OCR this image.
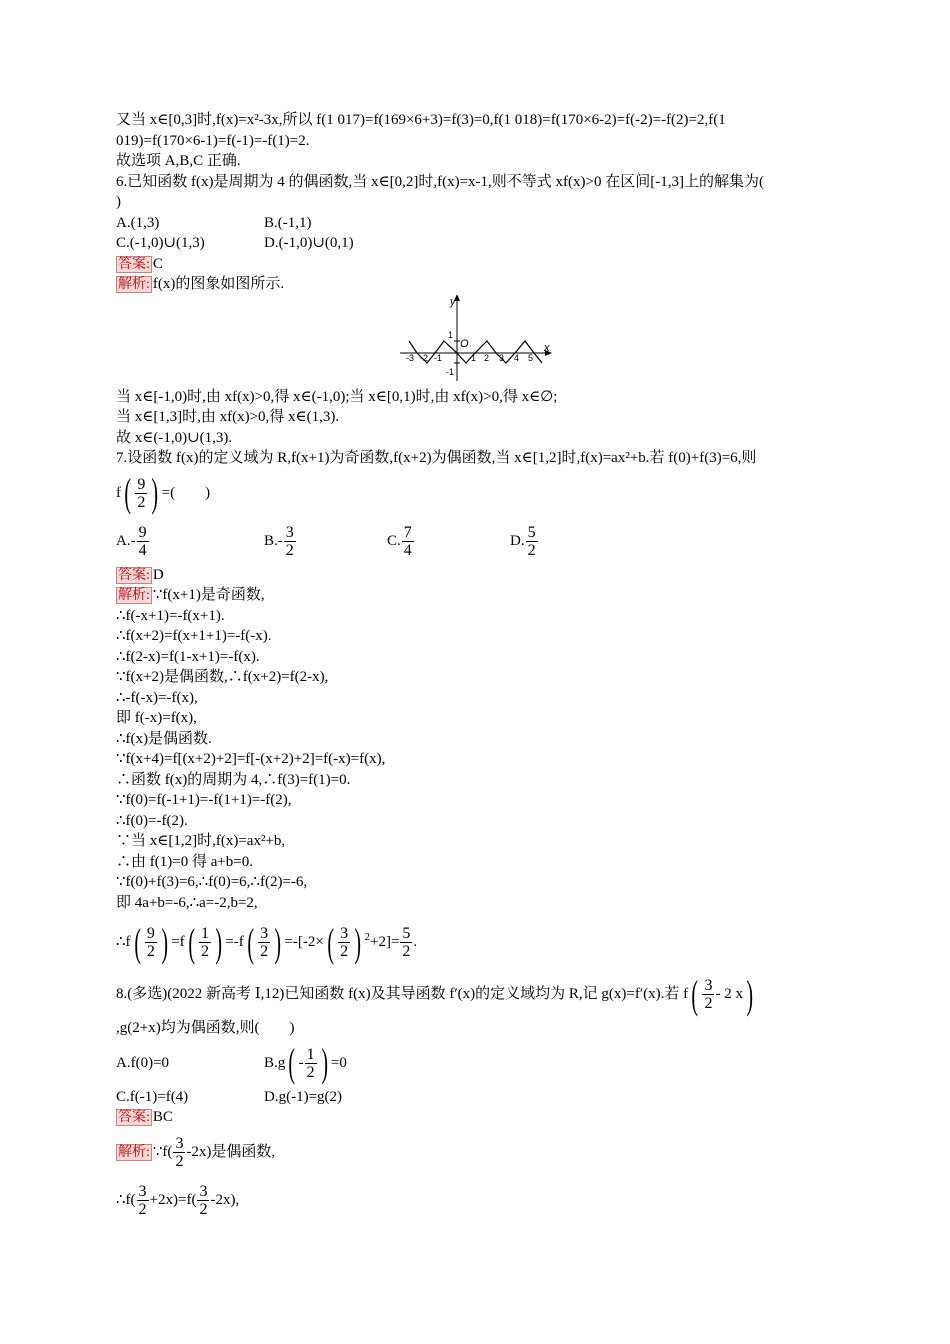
又当 x∈[0,3]时,f(x)=x²-3x,所以 f(1 017)=f(169×6+3)=f(3)=0,f(1 018)=f(170×6-2)=f(-2)=-f(2)=2,f(1
019)=f(170×6-1)=f(-1)=-f(1)=2.
故选项 A,B,C 正确.
6.已知函数 f(x)是周期为 4 的偶函数,当 x∈[0,2]时,f(x)=x-1,则不等式 xf(x)>0 在区间[-1,3]上的解集为(
)
A.(1,3)	B.(-1,1)
C.(-1,0)∪(1,3)	D.(-1,0)∪(0,1)
答案: C
解析: f(x)的图象如图所示.
y
x
O
1
-1
-3 -2 -1	1 2 3 4 5
当 x∈[-1,0)时,由 xf(x)>0,得 x∈(-1,0);当 x∈[0,1)时,由 xf(x)>0,得 x∈∅;
当 x∈[1,3]时,由 xf(x)>0,得 x∈(1,3).
故 x∈(-1,0)∪(1,3).
7.设函数 f(x)的定义域为 R,f(x+1)为奇函数,f(x+2)为偶函数,当 x∈[1,2]时,f(x)=ax²+b.若 f(0)+f(3)=6,则
$f( \frac{9}{2}$ ) =(　　)
$A.- \frac{9}{4}$	$B.- \frac{3}{2}$	C. $\frac{7}{4}$	D. $\frac{5}{2}$
答案: D
解析: ∵f(x+1)是奇函数,
∴f(-x+1)=-f(x+1).
∴f(x+2)=f(x+1+1)=-f(-x).
∴f(2-x)=f(1-x+1)=-f(x).
∵f(x+2)是偶函数,∴f(x+2)=f(2-x),
∴-f(-x)=-f(x),
即 f(-x)=f(x),
∴f(x)是偶函数.
∵f(x+4)=f[(x+2)+2]=f[-(x+2)+2]=f(-x)=f(x),
∴函数 f(x)的周期为 4,∴f(3)=f(1)=0.
∵f(0)=f(-1+1)=-f(1+1)=-f(2),
∴f(0)=-f(2).
∵当 x∈[1,2]时,f(x)=ax²+b,
∴由 f(1)=0 得 a+b=0.
∵f(0)+f(3)=6,∴f(0)=6,∴f(2)=-6,
即 4a+b=-6,∴a=-2,b=2,
∴f( $\frac{9}{2}$ ) $=f( \frac{1}{2}$ ) $=-f( \frac{3}{2}$ ) $=-[-2\times( \frac{3}{2}$ ) $^2+2]= \frac{5}{2}$ .
8.(多选)(2022 新高考 Ⅰ,12)已知函数 f(x)及其导函数 f′(x)的定义域均为 R,记 g(x)=f′(x).若 $f( \frac{3}{2} - 2$ x)
,g(2+x)均为偶函数,则(　　)
A.f(0)=0	$B.g( - \frac{1}{2}$ ) =0
C.f(-1)=f(4)	D.g(-1)=g(2)
答案: BC
解析: ∵f( $\frac{3}{2} -2x$)是偶函数,
∴f( $\frac{3}{2} +2x)=f( \frac{3}{2} -2x)$,
